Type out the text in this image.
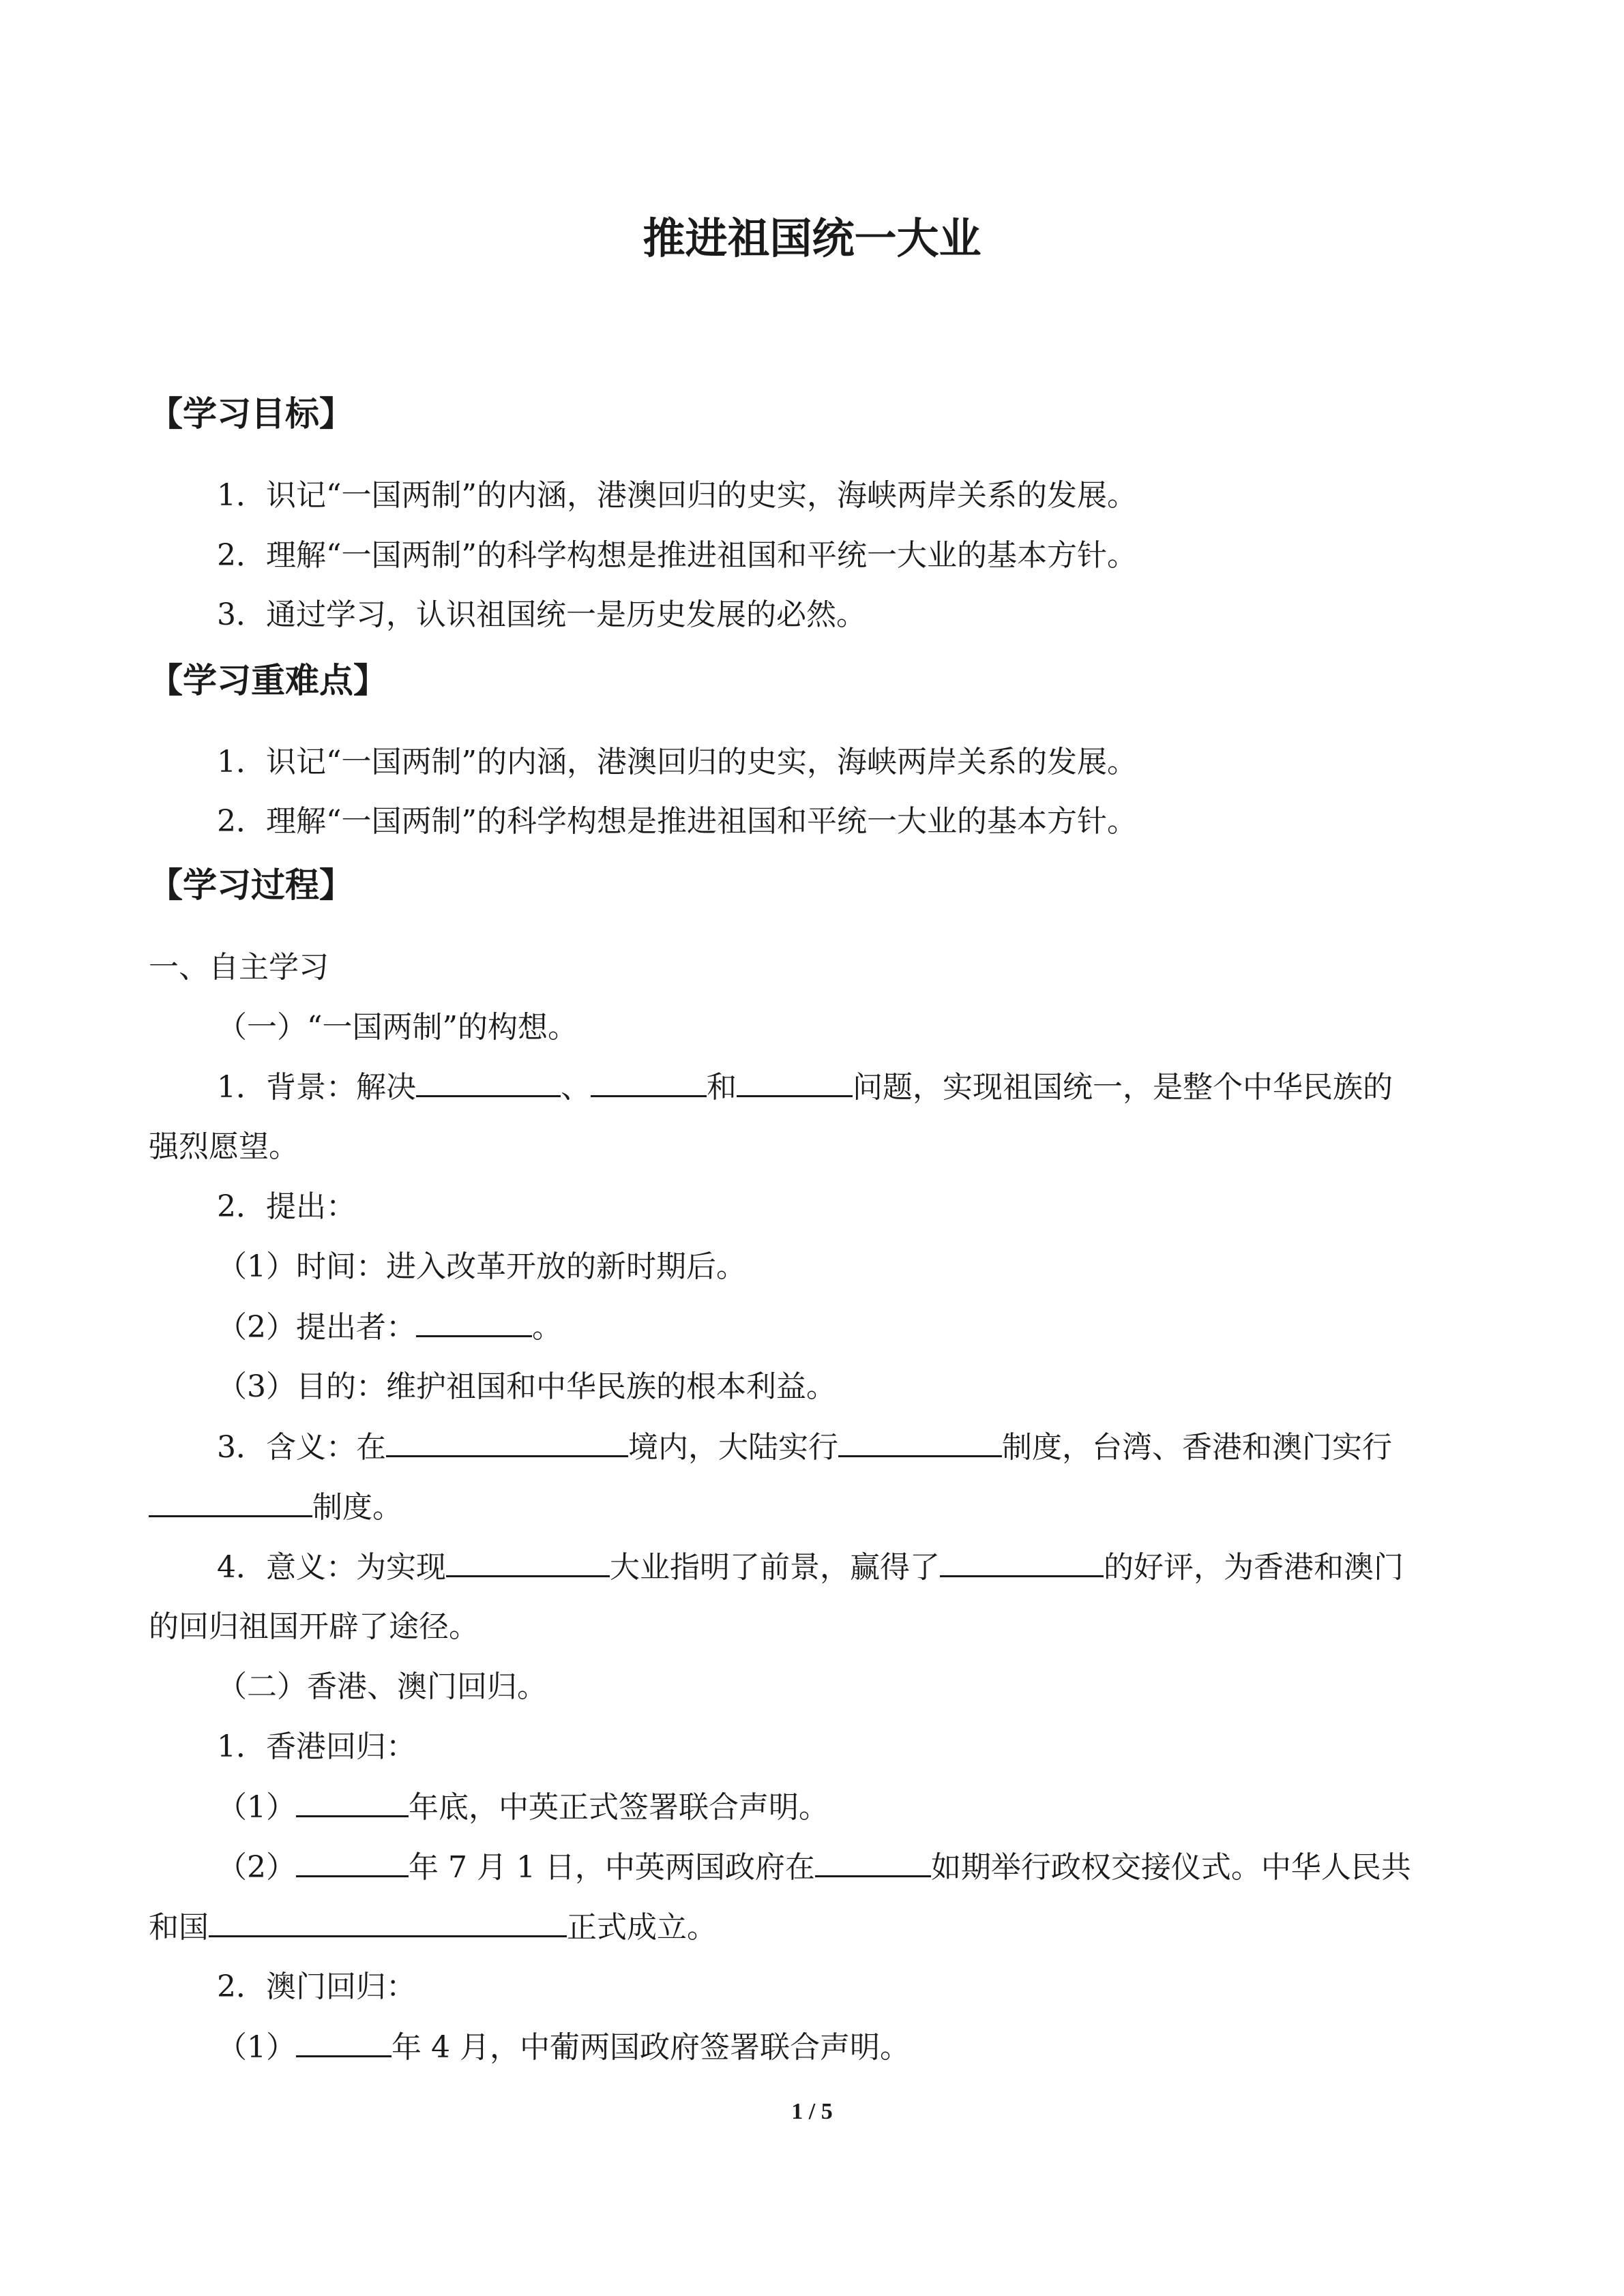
推进祖国统一大业
【学习目标】
1．识记“一国两制”的内涵，港澳回归的史实，海峡两岸关系的发展。
2．理解“一国两制”的科学构想是推进祖国和平统一大业的基本方针。
3．通过学习，认识祖国统一是历史发展的必然。
【学习重难点】
1．识记“一国两制”的内涵，港澳回归的史实，海峡两岸关系的发展。
2．理解“一国两制”的科学构想是推进祖国和平统一大业的基本方针。
【学习过程】
一、自主学习
（一）“一国两制”的构想。
1．背景：解决	、	和	问题，实现祖国统一，是整个中华民族的
强烈愿望。
2．提出：
（1）时间：进入改革开放的新时期后。
（2）提出者：	。
（3）目的：维护祖国和中华民族的根本利益。
3．含义：在	境内，大陆实行	制度，台湾、香港和澳门实行
制度。
4．意义：为实现	大业指明了前景，赢得了	的好评，为香港和澳门
的回归祖国开辟了途径。
（二）香港、澳门回归。
1．香港回归：
（1）	年底，中英正式签署联合声明。
（2）	年 7 月 1 日，中英两国政府在	如期举行政权交接仪式。中华人民共
和国	正式成立。
2．澳门回归：
（1）	年 4 月，中葡两国政府签署联合声明。
1 / 5
